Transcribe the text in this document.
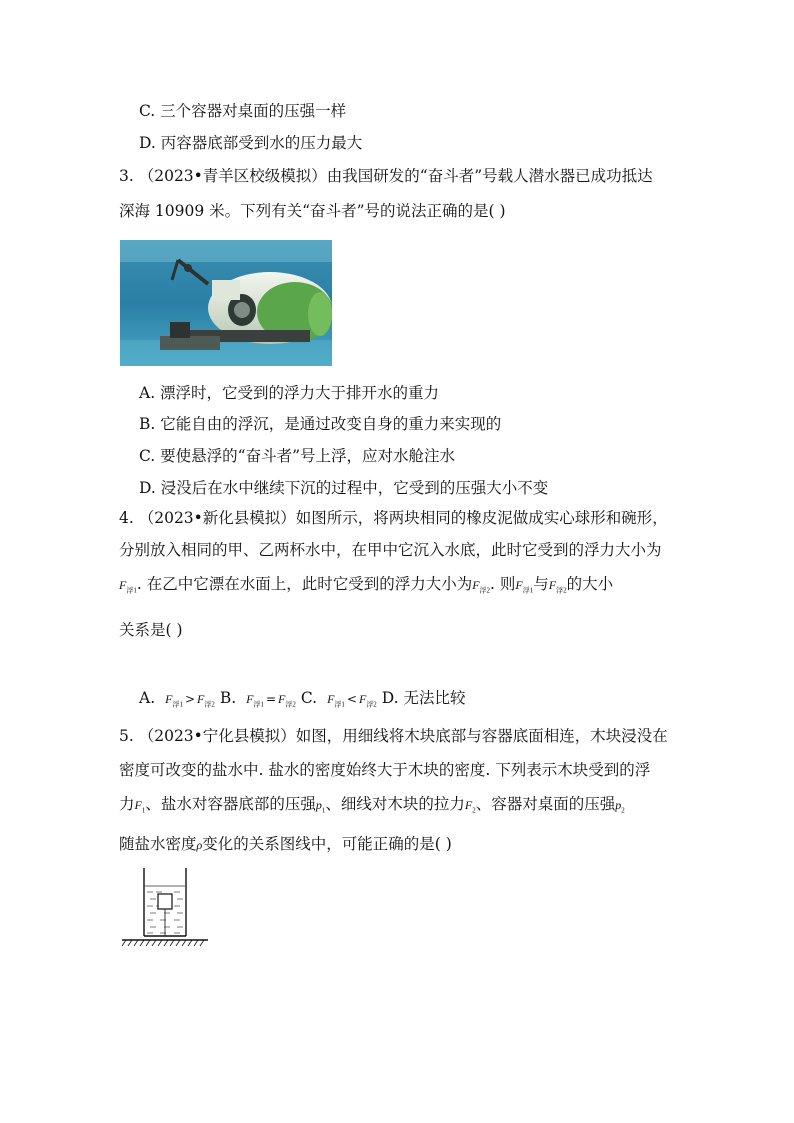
C. 三个容器对桌面的压强一样
D. 丙容器底部受到水的压力最大
3. （2023•青羊区校级模拟）由我国研发的“奋斗者”号载人潜水器已成功抵达
深海 10909 米。下列有关“奋斗者”号的说法正确的是( )
A. 漂浮时，它受到的浮力大于排开水的重力
B. 它能自由的浮沉，是通过改变自身的重力来实现的
C. 要使悬浮的“奋斗者”号上浮，应对水舱注水
D. 浸没后在水中继续下沉的过程中，它受到的压强大小不变
4. （2023•新化县模拟）如图所示，将两块相同的橡皮泥做成实心球形和碗形，
分别放入相同的甲、乙两杯水中，在甲中它沉入水底，此时它受到的浮力大小为
$F_{浮1}$. 在乙中它漂在水面上，此时它受到的浮力大小为$F_{浮2}$. 则$F_{浮1}$与$F_{浮2}$的大小
关系是( )
A. $F_{浮1} > F_{浮2}$ B. $F_{浮1} = F_{浮2}$ C. $F_{浮1} < F_{浮2}$ D. 无法比较
5. （2023•宁化县模拟）如图，用细线将木块底部与容器底面相连，木块浸没在
密度可改变的盐水中. 盐水的密度始终大于木块的密度. 下列表示木块受到的浮
力$F_1$、盐水对容器底部的压强$p_1$、细线对木块的拉力$F_2$、容器对桌面的压强$p_2$
随盐水密度ρ变化的关系图线中，可能正确的是( )
